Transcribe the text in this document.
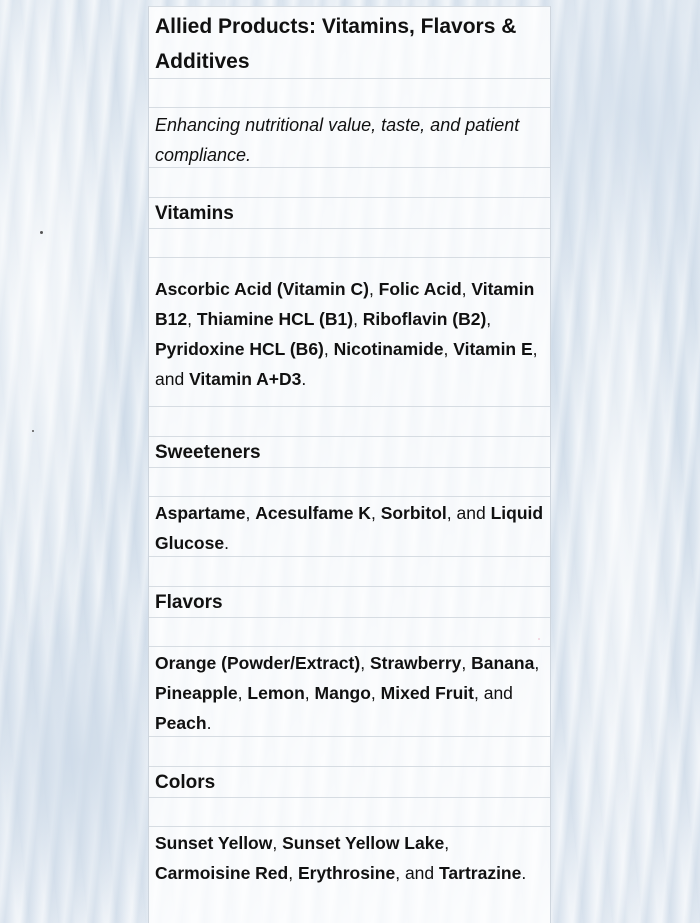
Allied Products: Vitamins, Flavors & Additives
Enhancing nutritional value, taste, and patient compliance.
Vitamins
Ascorbic Acid (Vitamin C), Folic Acid, Vitamin B12, Thiamine HCL (B1), Riboflavin (B2), Pyridoxine HCL (B6), Nicotinamide, Vitamin E, and Vitamin A+D3.
Sweeteners
Aspartame, Acesulfame K, Sorbitol, and Liquid Glucose.
Flavors
Orange (Powder/Extract), Strawberry, Banana, Pineapple, Lemon, Mango, Mixed Fruit, and Peach.
Colors
Sunset Yellow, Sunset Yellow Lake, Carmoisine Red, Erythrosine, and Tartrazine.
